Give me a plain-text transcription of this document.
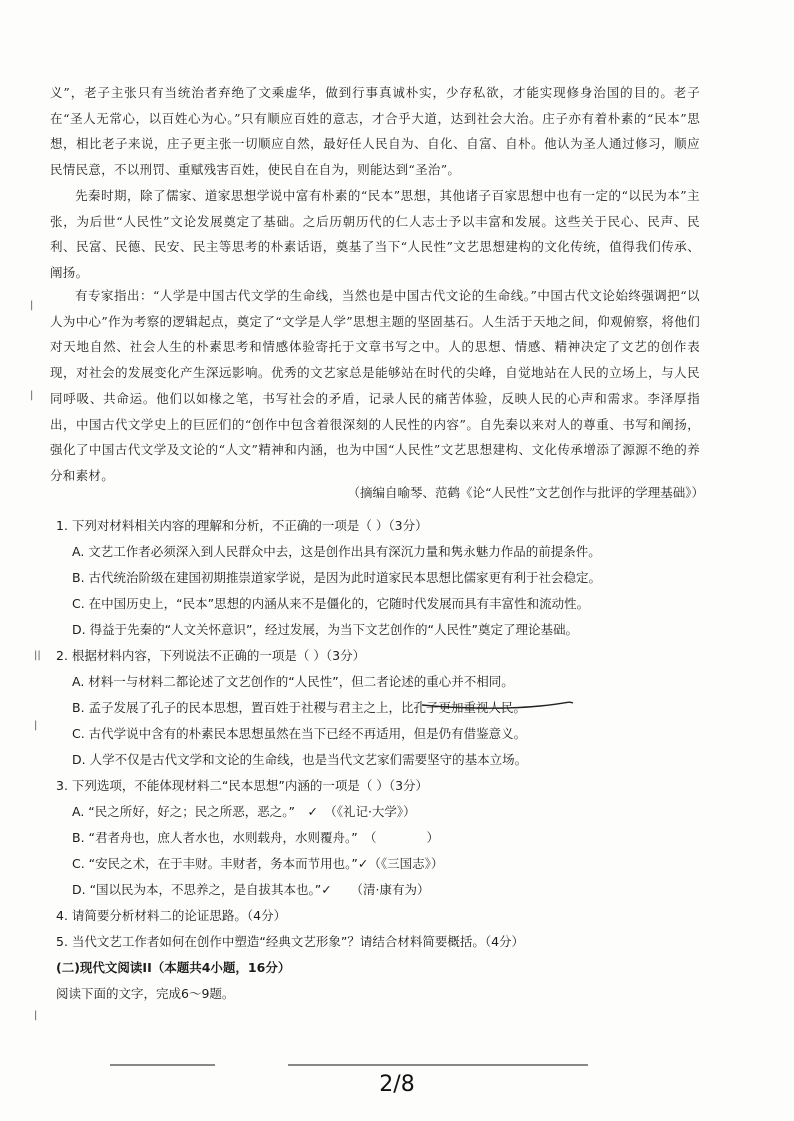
义”，老子主张只有当统治者弃绝了文乘虚华，做到行事真诚朴实，少存私欲，才能实现修身治国的目的。老子在“圣人无常心，以百姓心为心。”只有顺应百姓的意志，才合乎大道，达到社会大治。庄子亦有着朴素的“民本”思想，相比老子来说，庄子更主张一切顺应自然，最好任人民自为、自化、自富、自朴。他认为圣人通过修习，顺应民情民意，不以刑罚、重赋残害百姓，使民自在自为，则能达到“圣治”。
先秦时期，除了儒家、道家思想学说中富有朴素的“民本”思想，其他诸子百家思想中也有一定的“以民为本”主张，为后世“人民性”文论发展奠定了基础。之后历朝历代的仁人志士予以丰富和发展。这些关于民心、民声、民利、民富、民德、民安、民主等思考的朴素话语，奠基了当下“人民性”文艺思想建构的文化传统，值得我们传承、阐扬。
有专家指出：“人学是中国古代文学的生命线，当然也是中国古代文论的生命线。”中国古代文论始终强调把“以人为中心”作为考察的逻辑起点，奠定了“文学是人学”思想主题的坚固基石。人生活于天地之间，仰观俯察，将他们对天地自然、社会人生的朴素思考和情感体验寄托于文章书写之中。人的思想、情感、精神决定了文艺的创作表现，对社会的发展变化产生深远影响。优秀的文艺家总是能够站在时代的尖峰，自觉地站在人民的立场上，与人民同呼吸、共命运。他们以如椽之笔，书写社会的矛盾，记录人民的痛苦体验，反映人民的心声和需求。李泽厚指出，中国古代文学史上的巨匠们的“创作中包含着很深刻的人民性的内容”。自先秦以来对人的尊重、书写和阐扬，强化了中国古代文学及文论的“人文”精神和内涵，也为中国“人民性”文艺思想建构、文化传承增添了源源不绝的养分和素材。
（摘编自喻琴、范鹤《论“人民性”文艺创作与批评的学理基础》）
1. 下列对材料相关内容的理解和分析，不正确的一项是（ ）（3分）
A. 文艺工作者必须深入到人民群众中去，这是创作出具有深沉力量和隽永魅力作品的前提条件。
B. 古代统治阶级在建国初期推崇道家学说，是因为此时道家民本思想比儒家更有利于社会稳定。
C. 在中国历史上，“民本”思想的内涵从来不是僵化的，它随时代发展而具有丰富性和流动性。
D. 得益于先秦的“人文关怀意识”，经过发展，为当下文艺创作的“人民性”奠定了理论基础。
2. 根据材料内容，下列说法不正确的一项是（ ）（3分）
A. 材料一与材料二都论述了文艺创作的“人民性”，但二者论述的重心并不相同。
B. 孟子发展了孔子的民本思想，置百姓于社稷与君主之上，比孔子更加重视人民。
C. 古代学说中含有的朴素民本思想虽然在当下已经不再适用，但是仍有借鉴意义。
D. 人学不仅是古代文学和文论的生命线，也是当代文艺家们需要坚守的基本立场。
3. 下列选项，不能体现材料二“民本思想”内涵的一项是（ ）（3分）
A. “民之所好，好之；民之所恶，恶之。”　✓　（《礼记·大学》）
B. “君者舟也，庶人者水也，水则载舟，水则覆舟。”　（　　　　）
C. “安民之术，在于丰财。丰财者，务本而节用也。”✓（《三国志》）
D. “国以民为本，不思养之，是自拔其本也。”✓　　（清·康有为）
4. 请简要分析材料二的论证思路。（4分）
5. 当代文艺工作者如何在创作中塑造“经典文艺形象”？请结合材料简要概括。（4分）
(二)现代文阅读II（本题共4小题，16分）
阅读下面的文字，完成6～9题。
|
|
||
|
|
2/8
